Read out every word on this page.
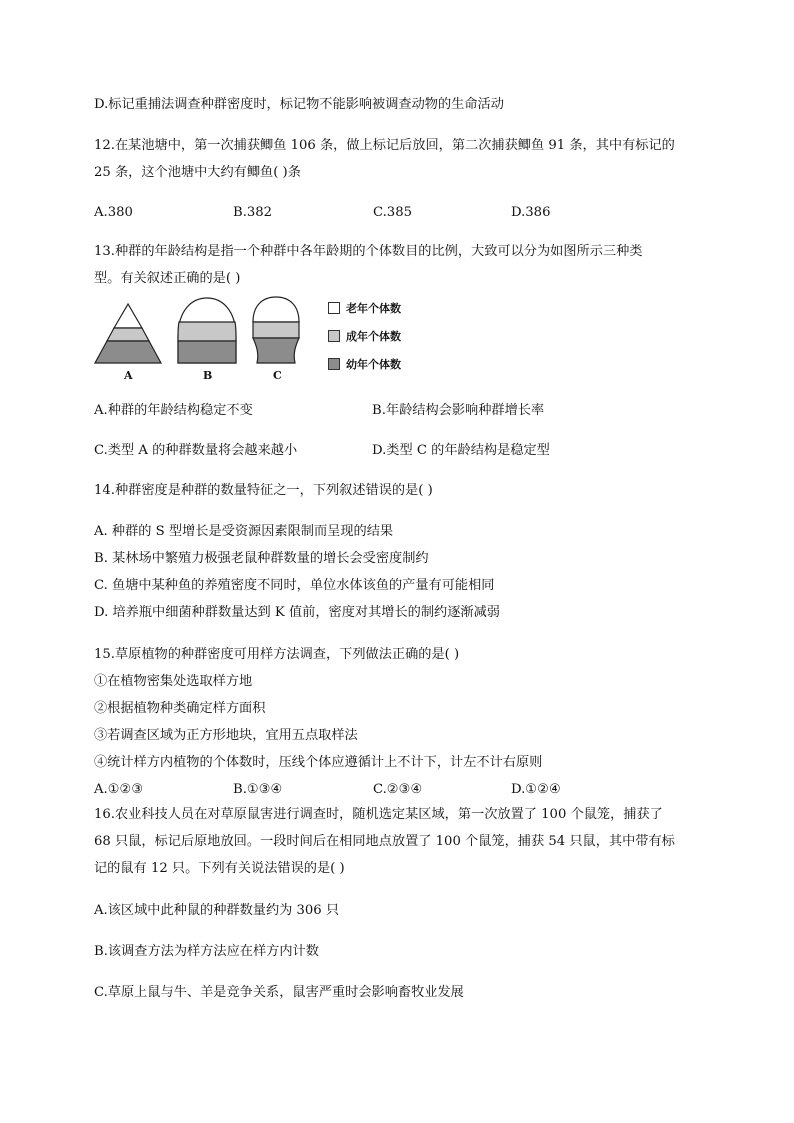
D.标记重捕法调查种群密度时，标记物不能影响被调查动物的生命活动
12.在某池塘中，第一次捕获鲫鱼 106 条，做上标记后放回，第二次捕获鲫鱼 91 条，其中有标记的
25 条，这个池塘中大约有鲫鱼( )条
A.380	B.382	C.385	D.386
13.种群的年龄结构是指一个种群中各年龄期的个体数目的比例，大致可以分为如图所示三种类
型。有关叙述正确的是( )
A	B	C
老年个体数
成年个体数
幼年个体数
A.种群的年龄结构稳定不变	B.年龄结构会影响种群增长率
C.类型 A 的种群数量将会越来越小	D.类型 C 的年龄结构是稳定型
14.种群密度是种群的数量特征之一，下列叙述错误的是( )
A. 种群的 S 型增长是受资源因素限制而呈现的结果
B. 某林场中繁殖力极强老鼠种群数量的增长会受密度制约
C. 鱼塘中某种鱼的养殖密度不同时，单位水体该鱼的产量有可能相同
D. 培养瓶中细菌种群数量达到 K 值前，密度对其增长的制约逐渐减弱
15.草原植物的种群密度可用样方法调查，下列做法正确的是( )
①在植物密集处选取样方地
②根据植物种类确定样方面积
③若调查区域为正方形地块，宜用五点取样法
④统计样方内植物的个体数时，压线个体应遵循计上不计下，计左不计右原则
A.①②③	B.①③④	C.②③④	D.①②④
16.农业科技人员在对草原鼠害进行调查时，随机选定某区域，第一次放置了 100 个鼠笼，捕获了
68 只鼠，标记后原地放回。一段时间后在相同地点放置了 100 个鼠笼，捕获 54 只鼠，其中带有标
记的鼠有 12 只。下列有关说法错误的是( )
A.该区域中此种鼠的种群数量约为 306 只
B.该调查方法为样方法应在样方内计数
C.草原上鼠与牛、羊是竞争关系，鼠害严重时会影响畜牧业发展
